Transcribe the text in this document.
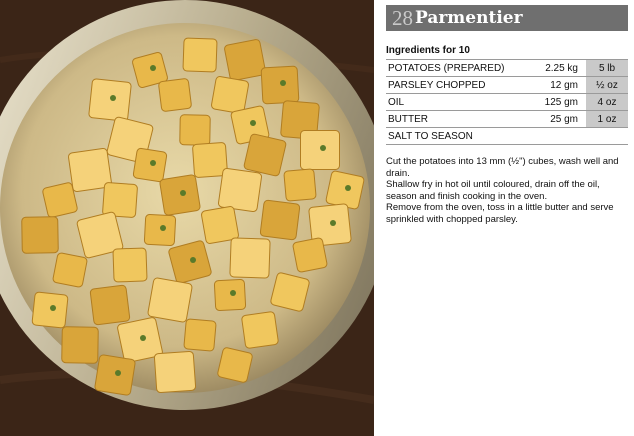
28 Parmentier
Ingredients for 10
POTATOES (PREPARED)	2.25 kg	5 lb
PARSLEY CHOPPED	12 gm	½ oz
OIL	125 gm	4 oz
BUTTER	25 gm	1 oz
SALT TO SEASON		

Cut the potatoes into 13 mm (½") cubes, wash well and drain.

Shallow fry in hot oil until coloured, drain off the oil, season and finish cooking in the oven.

Remove from the oven, toss in a little butter and serve sprinkled with chopped parsley.
